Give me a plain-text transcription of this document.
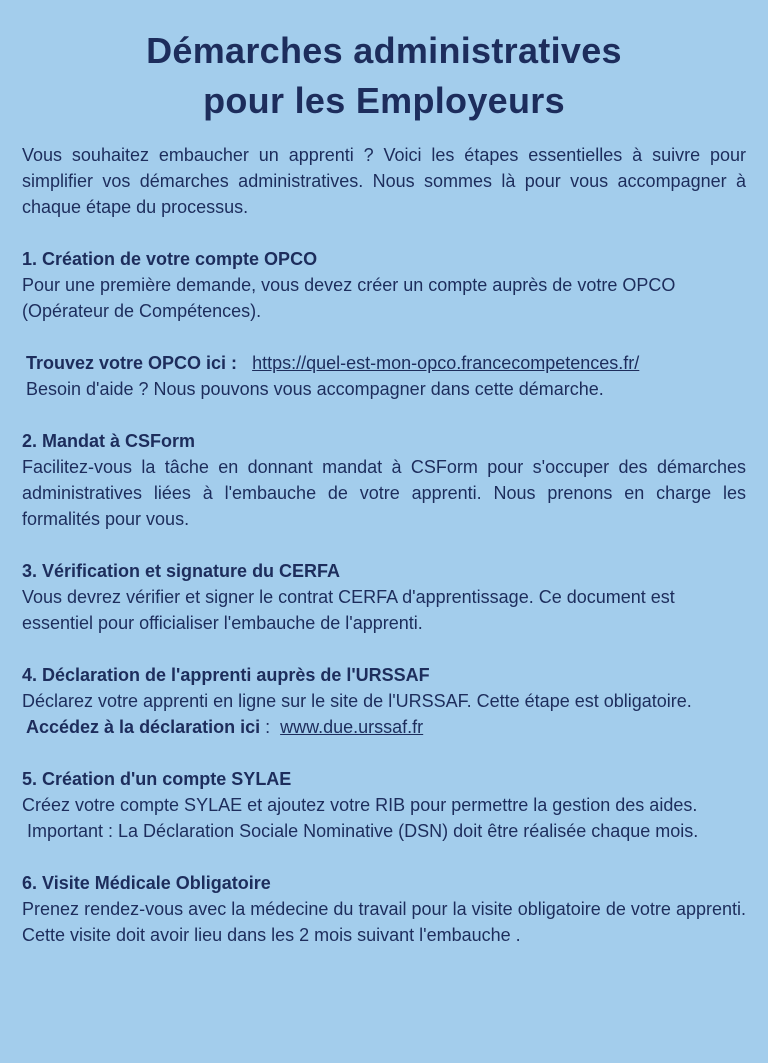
Démarches administratives
pour les Employeurs

Vous souhaitez embaucher un apprenti ? Voici les étapes essentielles à suivre pour simplifier vos démarches administratives. Nous sommes là pour vous accompagner à chaque étape du processus.

1. Création de votre compte OPCO

Pour une première demande, vous devez créer un compte auprès de votre OPCO (Opérateur de Compétences).

Trouvez votre OPCO ici : https://quel-est-mon-opco.francecompetences.fr/

Besoin d'aide ? Nous pouvons vous accompagner dans cette démarche.

2. Mandat à CSForm

Facilitez-vous la tâche en donnant mandat à CSForm pour s'occuper des démarches administratives liées à l'embauche de votre apprenti. Nous prenons en charge les formalités pour vous.

3. Vérification et signature du CERFA

Vous devrez vérifier et signer le contrat CERFA d'apprentissage. Ce document est essentiel pour officialiser l'embauche de l'apprenti.

4. Déclaration de l'apprenti auprès de l'URSSAF

Déclarez votre apprenti en ligne sur le site de l'URSSAF. Cette étape est obligatoire.

Accédez à la déclaration ici :  www.due.urssaf.fr

5. Création d'un compte SYLAE

Créez votre compte SYLAE et ajoutez votre RIB pour permettre la gestion des aides.

Important : La Déclaration Sociale Nominative (DSN) doit être réalisée chaque mois.

6. Visite Médicale Obligatoire

Prenez rendez-vous avec la médecine du travail pour la visite obligatoire de votre apprenti. Cette visite doit avoir lieu dans les 2 mois suivant l'embauche .
